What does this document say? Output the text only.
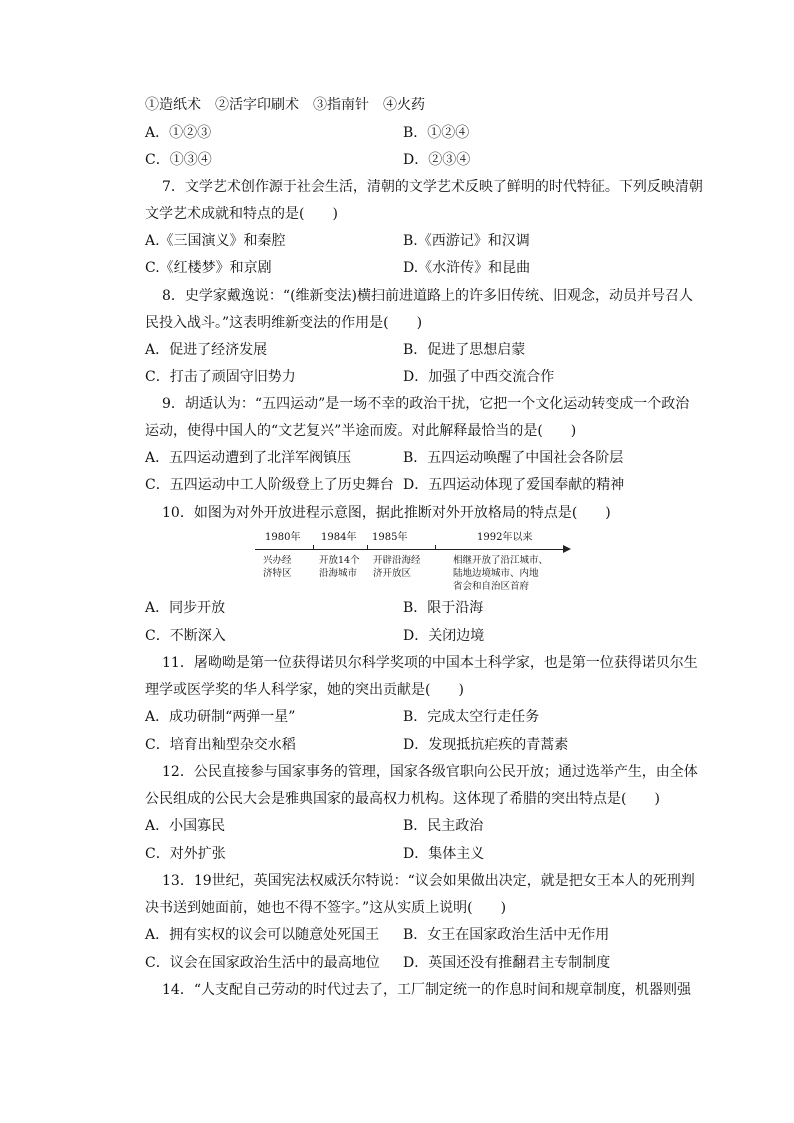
①造纸术　②活字印刷术　③指南针　④火药
A．①②③	B．①②④
C．①③④	D．②③④
7．文学艺术创作源于社会生活，清朝的文学艺术反映了鲜明的时代特征。下列反映清朝
文学艺术成就和特点的是(　　)
A.《三国演义》和秦腔	B.《西游记》和汉调
C.《红楼梦》和京剧	D.《水浒传》和昆曲
8．史学家戴逸说：“(维新变法)横扫前进道路上的许多旧传统、旧观念，动员并号召人
民投入战斗。”这表明维新变法的作用是(　　)
A．促进了经济发展	B．促进了思想启蒙
C．打击了顽固守旧势力	D．加强了中西交流合作
9．胡适认为：“五四运动”是一场不幸的政治干扰，它把一个文化运动转变成一个政治
运动，使得中国人的“文艺复兴”半途而废。对此解释最恰当的是(　　)
A．五四运动遭到了北洋军阀镇压	B．五四运动唤醒了中国社会各阶层
C．五四运动中工人阶级登上了历史舞台 D．五四运动体现了爱国奉献的精神
10．如图为对外开放进程示意图，据此推断对外开放格局的特点是(　　)
1980年 1984年 1985年	1992年以来
兴办经
济特区
开放14个
沿海城市
开辟沿海经
济开放区
相继开放了沿江城市、
陆地边境城市、内地
省会和自治区首府
A．同步开放	B．限于沿海
C．不断深入	D．关闭边境
11．屠呦呦是第一位获得诺贝尔科学奖项的中国本土科学家，也是第一位获得诺贝尔生
理学或医学奖的华人科学家，她的突出贡献是(　　)
A．成功研制“两弹一星”	B．完成太空行走任务
C．培育出籼型杂交水稻	D．发现抵抗疟疾的青蒿素
12．公民直接参与国家事务的管理，国家各级官职向公民开放；通过选举产生，由全体
公民组成的公民大会是雅典国家的最高权力机构。这体现了希腊的突出特点是(　　)
A．小国寡民	B．民主政治
C．对外扩张	D．集体主义
13．19世纪，英国宪法权威沃尔特说：“议会如果做出决定，就是把女王本人的死刑判
决书送到她面前，她也不得不签字。”这从实质上说明(　　)
A．拥有实权的议会可以随意处死国王 B．女王在国家政治生活中无作用
C．议会在国家政治生活中的最高地位 D．英国还没有推翻君主专制制度
14．“人支配自己劳动的时代过去了，工厂制定统一的作息时间和规章制度，机器则强
